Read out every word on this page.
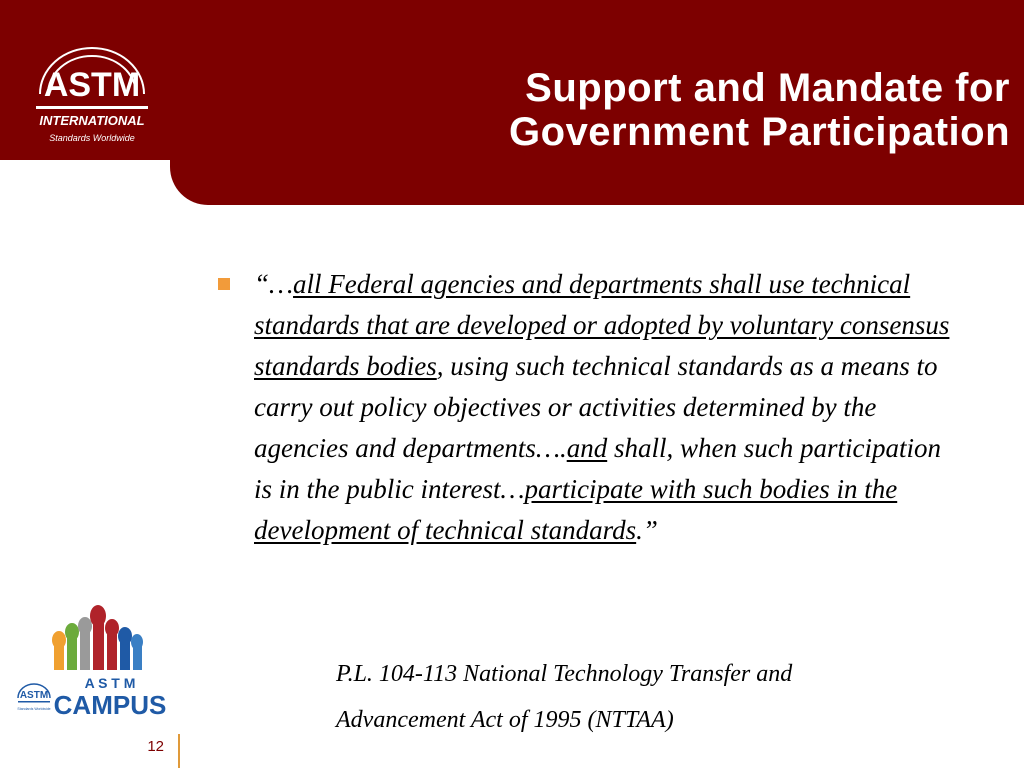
ASTM
INTERNATIONAL
Standards Worldwide
Support and Mandate for
Government Participation
“…all Federal agencies and departments shall use technical standards that are developed or adopted by voluntary consensus standards bodies, using such technical standards as a means to carry out policy objectives or activities determined by the agencies and departments….and shall, when such participation is in the public interest…participate with such bodies in the development of technical standards.”
P.L. 104-113 National Technology Transfer and
Advancement Act of 1995 (NTTAA)
ASTM
Standards Worldwide
A S T M
CAMPUS
12
